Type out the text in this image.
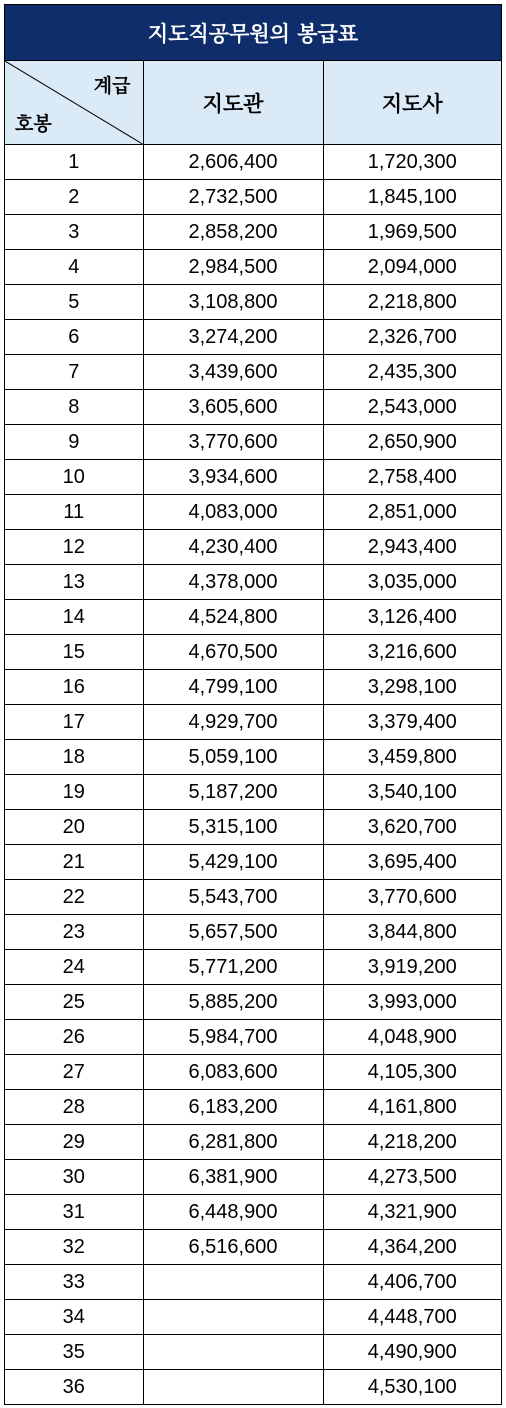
지도직공무원의 봉급표
계급
호봉	지도관	지도사
1	2,606,400	1,720,300
2	2,732,500	1,845,100
3	2,858,200	1,969,500
4	2,984,500	2,094,000
5	3,108,800	2,218,800
6	3,274,200	2,326,700
7	3,439,600	2,435,300
8	3,605,600	2,543,000
9	3,770,600	2,650,900
10	3,934,600	2,758,400
11	4,083,000	2,851,000
12	4,230,400	2,943,400
13	4,378,000	3,035,000
14	4,524,800	3,126,400
15	4,670,500	3,216,600
16	4,799,100	3,298,100
17	4,929,700	3,379,400
18	5,059,100	3,459,800
19	5,187,200	3,540,100
20	5,315,100	3,620,700
21	5,429,100	3,695,400
22	5,543,700	3,770,600
23	5,657,500	3,844,800
24	5,771,200	3,919,200
25	5,885,200	3,993,000
26	5,984,700	4,048,900
27	6,083,600	4,105,300
28	6,183,200	4,161,800
29	6,281,800	4,218,200
30	6,381,900	4,273,500
31	6,448,900	4,321,900
32	6,516,600	4,364,200
33		4,406,700
34		4,448,700
35		4,490,900
36		4,530,100
